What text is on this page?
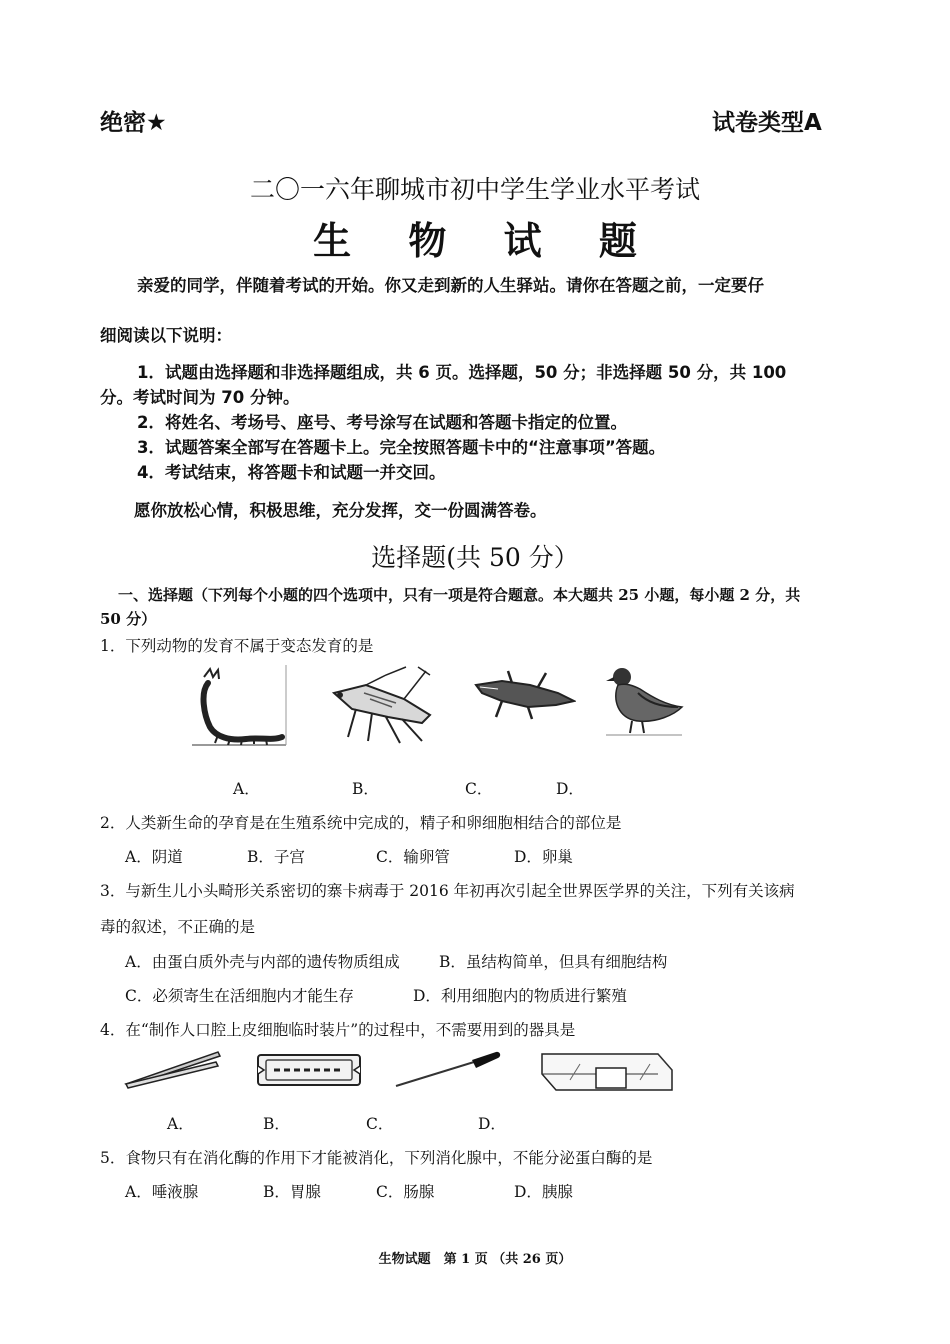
绝密★	试卷类型A
二〇一六年聊城市初中学生学业水平考试
生 物 试 题
亲爱的同学，伴随着考试的开始。你又走到新的人生驿站。请你在答题之前，一定要仔
细阅读以下说明：
1．试题由选择题和非选择题组成，共 6 页。选择题，50 分；非选择题 50 分，共 100
分。考试时间为 70 分钟。
2．将姓名、考场号、座号、考号涂写在试题和答题卡指定的位置。
3．试题答案全部写在答题卡上。完全按照答题卡中的“注意事项”答题。
4．考试结束，将答题卡和试题一并交回。
愿你放松心情，积极思维，充分发挥，交一份圆满答卷。
选择题(共 50 分）
一、选择题（下列每个小题的四个选项中，只有一项是符合题意。本大题共 25 小题，每小题 2 分，共
50 分）
1．下列动物的发育不属于变态发育的是
A．	B．	C．	D．
2．人类新生命的孕育是在生殖系统中完成的，精子和卵细胞相结合的部位是
A．阴道	B．子宫	C．输卵管	D．卵巢
3．与新生儿小头畸形关系密切的寨卡病毒于 2016 年初再次引起全世界医学界的关注，下列有关该病
毒的叙述，不正确的是
A．由蛋白质外壳与内部的遗传物质组成	B．虽结构简单，但具有细胞结构
C．必须寄生在活细胞内才能生存	D．利用细胞内的物质进行繁殖
4．在“制作人口腔上皮细胞临时装片”的过程中，不需要用到的器具是
A．	B．	C．	D．
5．食物只有在消化酶的作用下才能被消化，下列消化腺中，不能分泌蛋白酶的是
A．唾液腺	B．胃腺	C．肠腺	D．胰腺
生物试题　第 1 页 （共 26 页）
